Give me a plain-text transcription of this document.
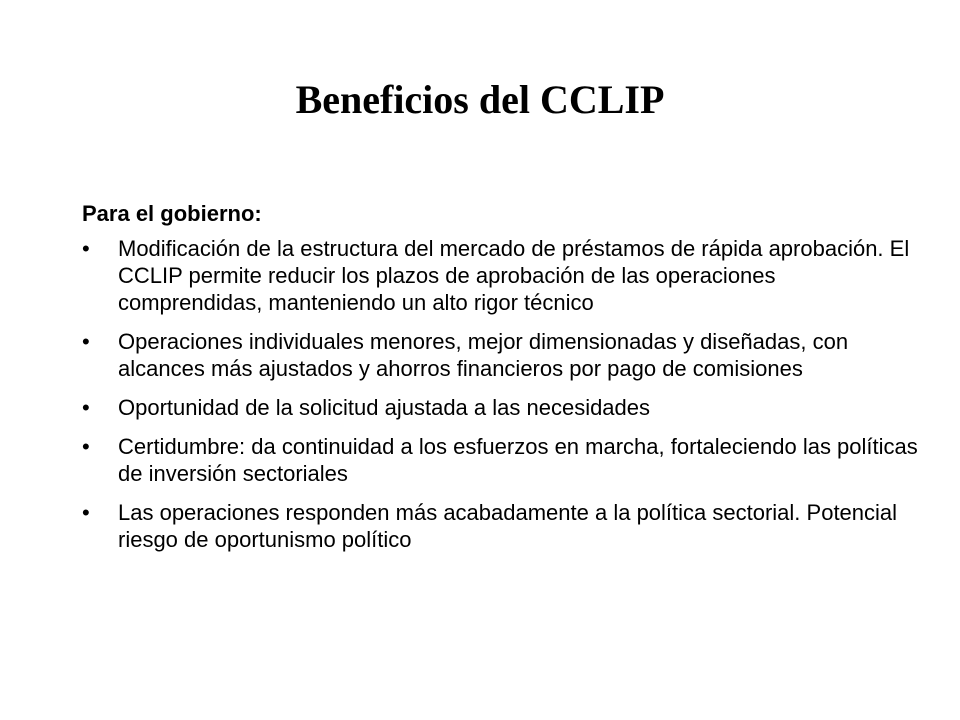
Beneficios del CCLIP
Para el gobierno:
•	Modificación de la estructura del mercado de préstamos de rápida aprobación. El CCLIP permite reducir los plazos de aprobación de las operaciones comprendidas, manteniendo un alto rigor técnico
•	Operaciones individuales menores, mejor dimensionadas y diseñadas, con alcances más ajustados y ahorros financieros por pago de comisiones
•	Oportunidad de la solicitud ajustada a las necesidades
•	Certidumbre: da continuidad a los esfuerzos en marcha, fortaleciendo las políticas de inversión sectoriales
•	Las operaciones responden más acabadamente a la política sectorial. Potencial riesgo de oportunismo político
